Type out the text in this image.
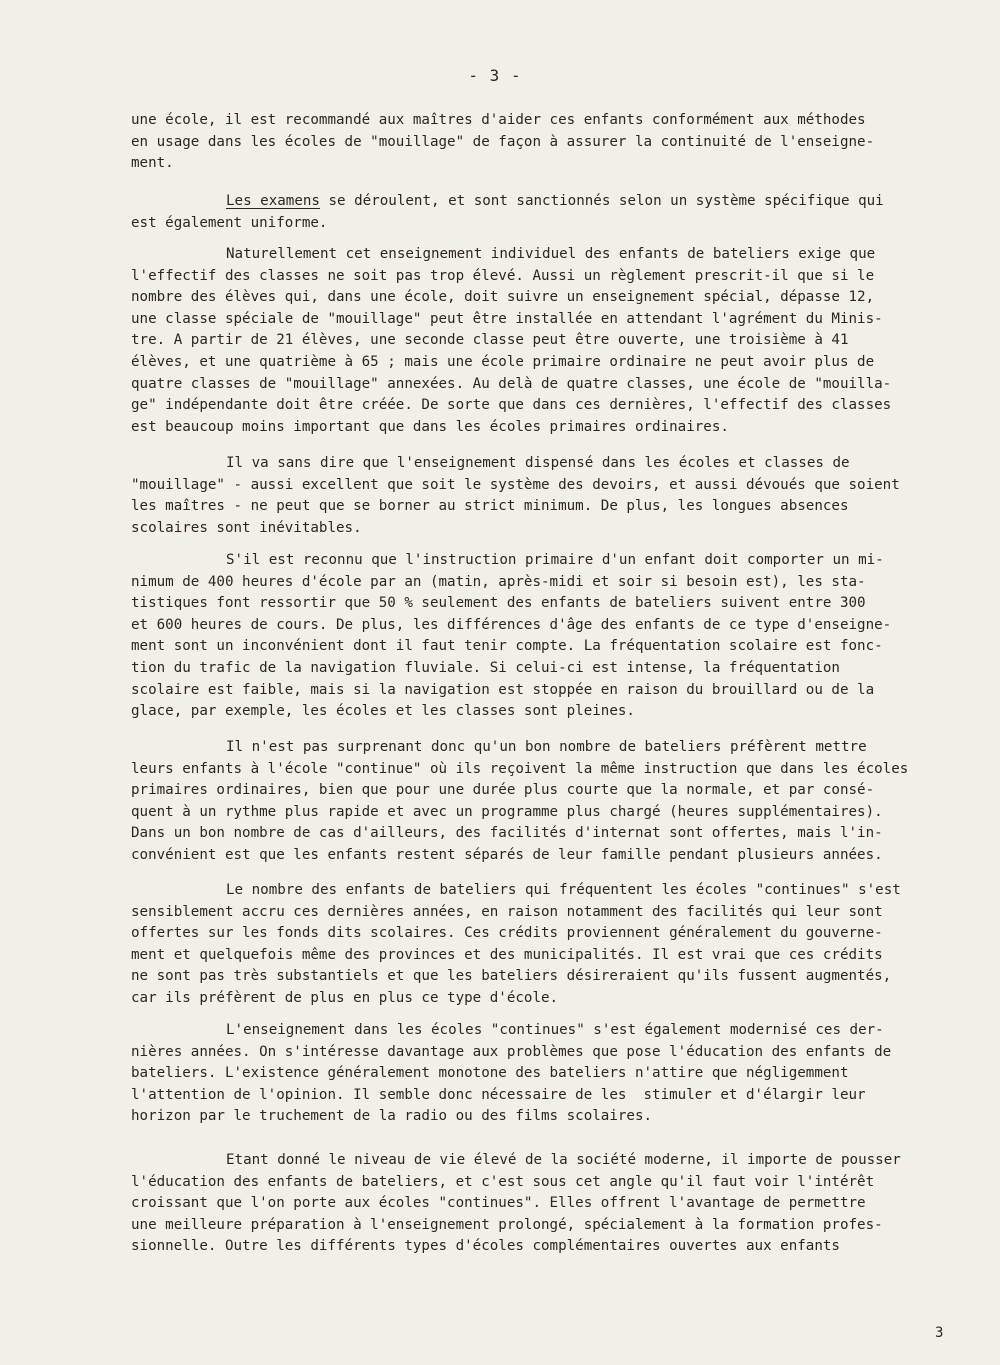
- 3 -
une école, il est recommandé aux maîtres d'aider ces enfants conformément aux méthodes
en usage dans les écoles de "mouillage" de façon à assurer la continuité de l'enseigne-
ment.
Les examens se déroulent, et sont sanctionnés selon un système spécifique qui
est également uniforme.
Naturellement cet enseignement individuel des enfants de bateliers exige que
l'effectif des classes ne soit pas trop élevé. Aussi un règlement prescrit-il que si le
nombre des élèves qui, dans une école, doit suivre un enseignement spécial, dépasse 12,
une classe spéciale de "mouillage" peut être installée en attendant l'agrément du Minis-
tre. A partir de 21 élèves, une seconde classe peut être ouverte, une troisième à 41
élèves, et une quatrième à 65 ; mais une école primaire ordinaire ne peut avoir plus de
quatre classes de "mouillage" annexées. Au delà de quatre classes, une école de "mouilla-
ge" indépendante doit être créée. De sorte que dans ces dernières, l'effectif des classes
est beaucoup moins important que dans les écoles primaires ordinaires.
Il va sans dire que l'enseignement dispensé dans les écoles et classes de
"mouillage" - aussi excellent que soit le système des devoirs, et aussi dévoués que soient
les maîtres - ne peut que se borner au strict minimum. De plus, les longues absences
scolaires sont inévitables.
S'il est reconnu que l'instruction primaire d'un enfant doit comporter un mi-
nimum de 400 heures d'école par an (matin, après-midi et soir si besoin est), les sta-
tistiques font ressortir que 50 % seulement des enfants de bateliers suivent entre 300
et 600 heures de cours. De plus, les différences d'âge des enfants de ce type d'enseigne-
ment sont un inconvénient dont il faut tenir compte. La fréquentation scolaire est fonc-
tion du trafic de la navigation fluviale. Si celui-ci est intense, la fréquentation
scolaire est faible, mais si la navigation est stoppée en raison du brouillard ou de la
glace, par exemple, les écoles et les classes sont pleines.
Il n'est pas surprenant donc qu'un bon nombre de bateliers préfèrent mettre
leurs enfants à l'école "continue" où ils reçoivent la même instruction que dans les écoles
primaires ordinaires, bien que pour une durée plus courte que la normale, et par consé-
quent à un rythme plus rapide et avec un programme plus chargé (heures supplémentaires).
Dans un bon nombre de cas d'ailleurs, des facilités d'internat sont offertes, mais l'in-
convénient est que les enfants restent séparés de leur famille pendant plusieurs années.
Le nombre des enfants de bateliers qui fréquentent les écoles "continues" s'est
sensiblement accru ces dernières années, en raison notamment des facilités qui leur sont
offertes sur les fonds dits scolaires. Ces crédits proviennent généralement du gouverne-
ment et quelquefois même des provinces et des municipalités. Il est vrai que ces crédits
ne sont pas très substantiels et que les bateliers désireraient qu'ils fussent augmentés,
car ils préfèrent de plus en plus ce type d'école.
L'enseignement dans les écoles "continues" s'est également modernisé ces der-
nières années. On s'intéresse davantage aux problèmes que pose l'éducation des enfants de
bateliers. L'existence généralement monotone des bateliers n'attire que négligemment
l'attention de l'opinion. Il semble donc nécessaire de les  stimuler et d'élargir leur
horizon par le truchement de la radio ou des films scolaires.
Etant donné le niveau de vie élevé de la société moderne, il importe de pousser
l'éducation des enfants de bateliers, et c'est sous cet angle qu'il faut voir l'intérêt
croissant que l'on porte aux écoles "continues". Elles offrent l'avantage de permettre
une meilleure préparation à l'enseignement prolongé, spécialement à la formation profes-
sionnelle. Outre les différents types d'écoles complémentaires ouvertes aux enfants
3
